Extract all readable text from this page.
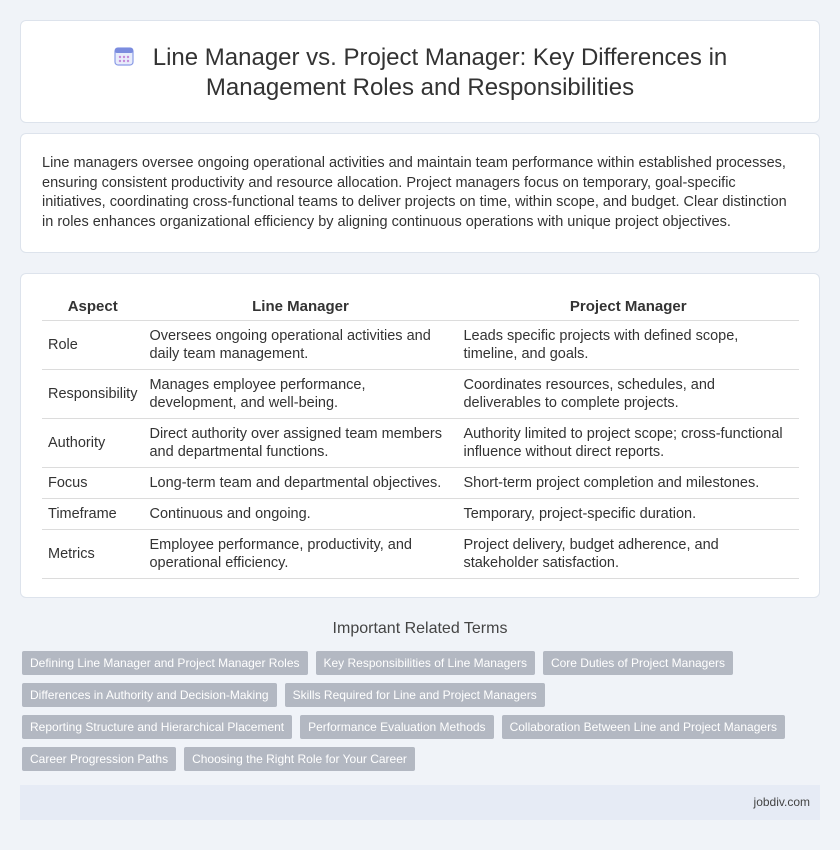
Line Manager vs. Project Manager: Key Differences in Management Roles and Responsibilities

Line managers oversee ongoing operational activities and maintain team performance within established processes, ensuring consistent productivity and resource allocation. Project managers focus on temporary, goal-specific initiatives, coordinating cross-functional teams to deliver projects on time, within scope, and budget. Clear distinction in roles enhances organizational efficiency by aligning continuous operations with unique project objectives.

Aspect	Line Manager	Project Manager
Role	Oversees ongoing operational activities and daily team management.	Leads specific projects with defined scope, timeline, and goals.
Responsibility	Manages employee performance, development, and well-being.	Coordinates resources, schedules, and deliverables to complete projects.
Authority	Direct authority over assigned team members and departmental functions.	Authority limited to project scope; cross-functional influence without direct reports.
Focus	Long-term team and departmental objectives.	Short-term project completion and milestones.
Timeframe	Continuous and ongoing.	Temporary, project-specific duration.
Metrics	Employee performance, productivity, and operational efficiency.	Project delivery, budget adherence, and stakeholder satisfaction.
Important Related Terms
Defining Line Manager and Project Manager Roles	Key Responsibilities of Line Managers	Core Duties of Project Managers
Differences in Authority and Decision-Making	Skills Required for Line and Project Managers
Reporting Structure and Hierarchical Placement	Performance Evaluation Methods	Collaboration Between Line and Project Managers
Career Progression Paths	Choosing the Right Role for Your Career
jobdiv.com
